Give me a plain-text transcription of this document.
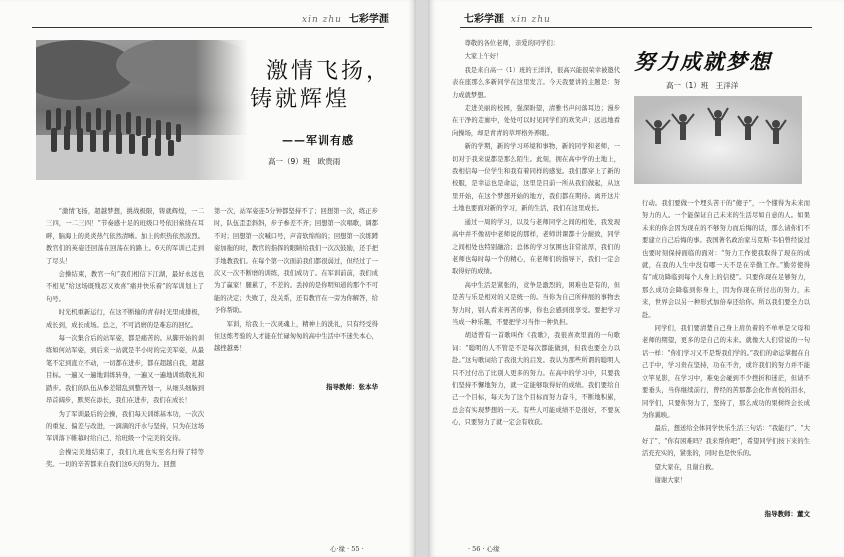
xin zhu 七彩学涯
激情飞扬，
铸就辉煌
——军训有感
高一（9）班　欧贵雨

“激情飞扬，超越梦想，挑战极限，铸就辉煌，一二三四，一二三四！”节奏感十足的班级口号依旧萦绕在耳畔，脑海上的炎炎热气依然清晰。加上的炽热依然浓烈。教官们的英姿还回荡在回荡在的路上。6天的军训已走到了尽头！

会操结束，教官一句“我们相信下江湖，最好永远也不相见”给这场既残忍又欢喜“痛并快乐着”的军训划上了句号。

时光机重新运行，在这不断输的青春时光里成排极，成长到，成长成场。总之，不可消磨的是难忘的回忆。

每一次集合后的站军姿，都是痛苦的。从脚开始的训练如何站军姿，到后来一站就是半小时的完美军姿，从最笔不定到直立不动，一切都在进步，都在超越自我，超越目标。一遍又一遍地训练转身，一遍又一遍地训练敬礼和踏步。我们的队伍从参差错乱到整齐划一，从细头细脑到昂首阔步，默契在添长，我们在进步，我们在成长！

为了军训最后的会操，我们每天训练基本功，一次次的重复、偏差与改进，一滴滴的汗水与坚持，只为在这场军训落下帷幕时给自己、给班级一个完美的交待。

会操完美地结束了，我们九班也实至名归得了特等奖。一切的辛苦都来自我们这6天的努力。回想

第一次，站军姿连5分钟都坚持不了；回想第一次，练正步时，队伍歪歪斜斜，步子参差不齐；回想第一次唱歌，调都不对；回想第一次喊口号，声音软绵绵的；回想第一次练蹲姿加拖的时，教官的指挥的眼睛给我们一次次鼓励，还手把手地教我们。在每个第一次面前我们都很弱过，但经过了一次又一次不断磨的训练，我们成功了。在军训前前，我们成为了赢家！腿累了，不差的。丢掉的是你明知道的那个不可能的决定；失败了，没关系，还有教官在一旁为你解答，给予你帮助。

军训，给我上一次灵魂上，精神上的洗礼，只有经受得住这炼考验的人才能在忙碌匆匆的高中生活中不迷失本心，越挫越勇！

指导教师：张本华
心·缘 · 55 ·
七彩学涯 xin zhu

尊敬的各位老师，亲爱的同学们：

大家上午好！

我是来自高一（1）班的王洋洋，很高兴能很荣幸被邀代表在座那么多新同学在这里发言。今天我要讲的主题是：努力成就梦想。

走进美丽的校园，强深盼望，清雅书声问落耳边；漫步在干净的走廊中，处处可以时见同学们的欢笑声；远远地看向操场，却是青青的草坪格外养眼。

新的学期，新的学习环境和事物，新的同学和老师，一切对于我来说都是那么陌生。此刻，拥在高中学的土地上，我相信每一位学生和我有着同样的感觉。我们都穿上了新的校服，是幸运也是命运，这里是目前一所从我们做起，从这里开始，在这个梦想开始的地方，我们都在期待。离开这片土地也要面对新的学习，新的生活，我们在这里成长。

通过一周的学习，以及与老师同学之间的相处，我发现高中并不像初中老师说的那样，老师讲课都十分耐致，同学之间相处也特别融洽；总体的学习氛围也非常浓厚，我们的老师也每时每一个的精心，在老师们的指导下，我们一定会取得好的成绩。

高中生活是紧张的，竞争是激烈的，困难也是有的，但是苦与乐是相对的又是统一的。当你为自己所伸展的事物去努力时，别人看来再苦的事，你也会感到很享受。要把学习当成一种乐趣，不要把学习当作一种负担。

胡适曾有一首歌叫作《我歌》，我很喜欢里面的一句歌词：“聪明的人不管是不是每次都能做到，但我也要全力以赴。”这句歌词给了我很大的启发。我认为那些所谓的聪明人只不过付出了比别人更多的努力。在高中的学习中，只要我们坚持不懈地努力，就一定能够取得好的成绩。我们要给自己一个目标，每天为了这个目标而努力奋斗，不断地积累，总会有实现梦想的一天。有些人可能成绩不是很好，不要灰心，只要努力了就一定会有收获。

努力成就梦想
高一（1）班　王洋洋

行动。我们要做一个埋头苦干的“傻子”，一个懂得为未来而努力的人。一个能保证自己未来的生活尽如自意的人。如果未来的你会因为现在的不够努力而后悔的话，那么请你们不要建立自己后悔的事。我国著名政治家马克斯·韦伯曾经说过也要时刻保持面临的面对：“努力工作使我取得了现在的成就，在我的人生中没有哪一天不是在辛勤工作。”勤劳使得有“成功降临到每个人身上的信使”。只要你现在足够努力，那么成功会降临到你身上，因为你现在所付出的努力，未来，世界会以另一种形式加倍奉还给你。所以我们要全力以赴。

同学们，我们要清楚自己身上肩负着的不单单是父母和老师的期望，更多的是自己的未来。就像大人们常说的一句话一样：“你们学习又不是帮我们学的。”我们的命运掌握在自己手中，学习贵在坚持，功在不舍，或许我们的努力并不能立竿见影，在学习中，难免会碰到不少挫折和迷茫，但请不要垂头，当你继续前行，曾经的苦那都会化作喜悦的泪水，同学们，只要你努力了，坚持了，那么成功的果树终会长成为你翼映。

最后，想送给全体同学快乐生活三句话：“我能行”、“大好了”、“你有困难吗？我来帮你吧”，希望同学们按下来的生活充充实的，紧张的，同时也是快乐的。

望大家在，且谢自救。

谢谢大家！

指导教师：董文
· 56 · 心缘
